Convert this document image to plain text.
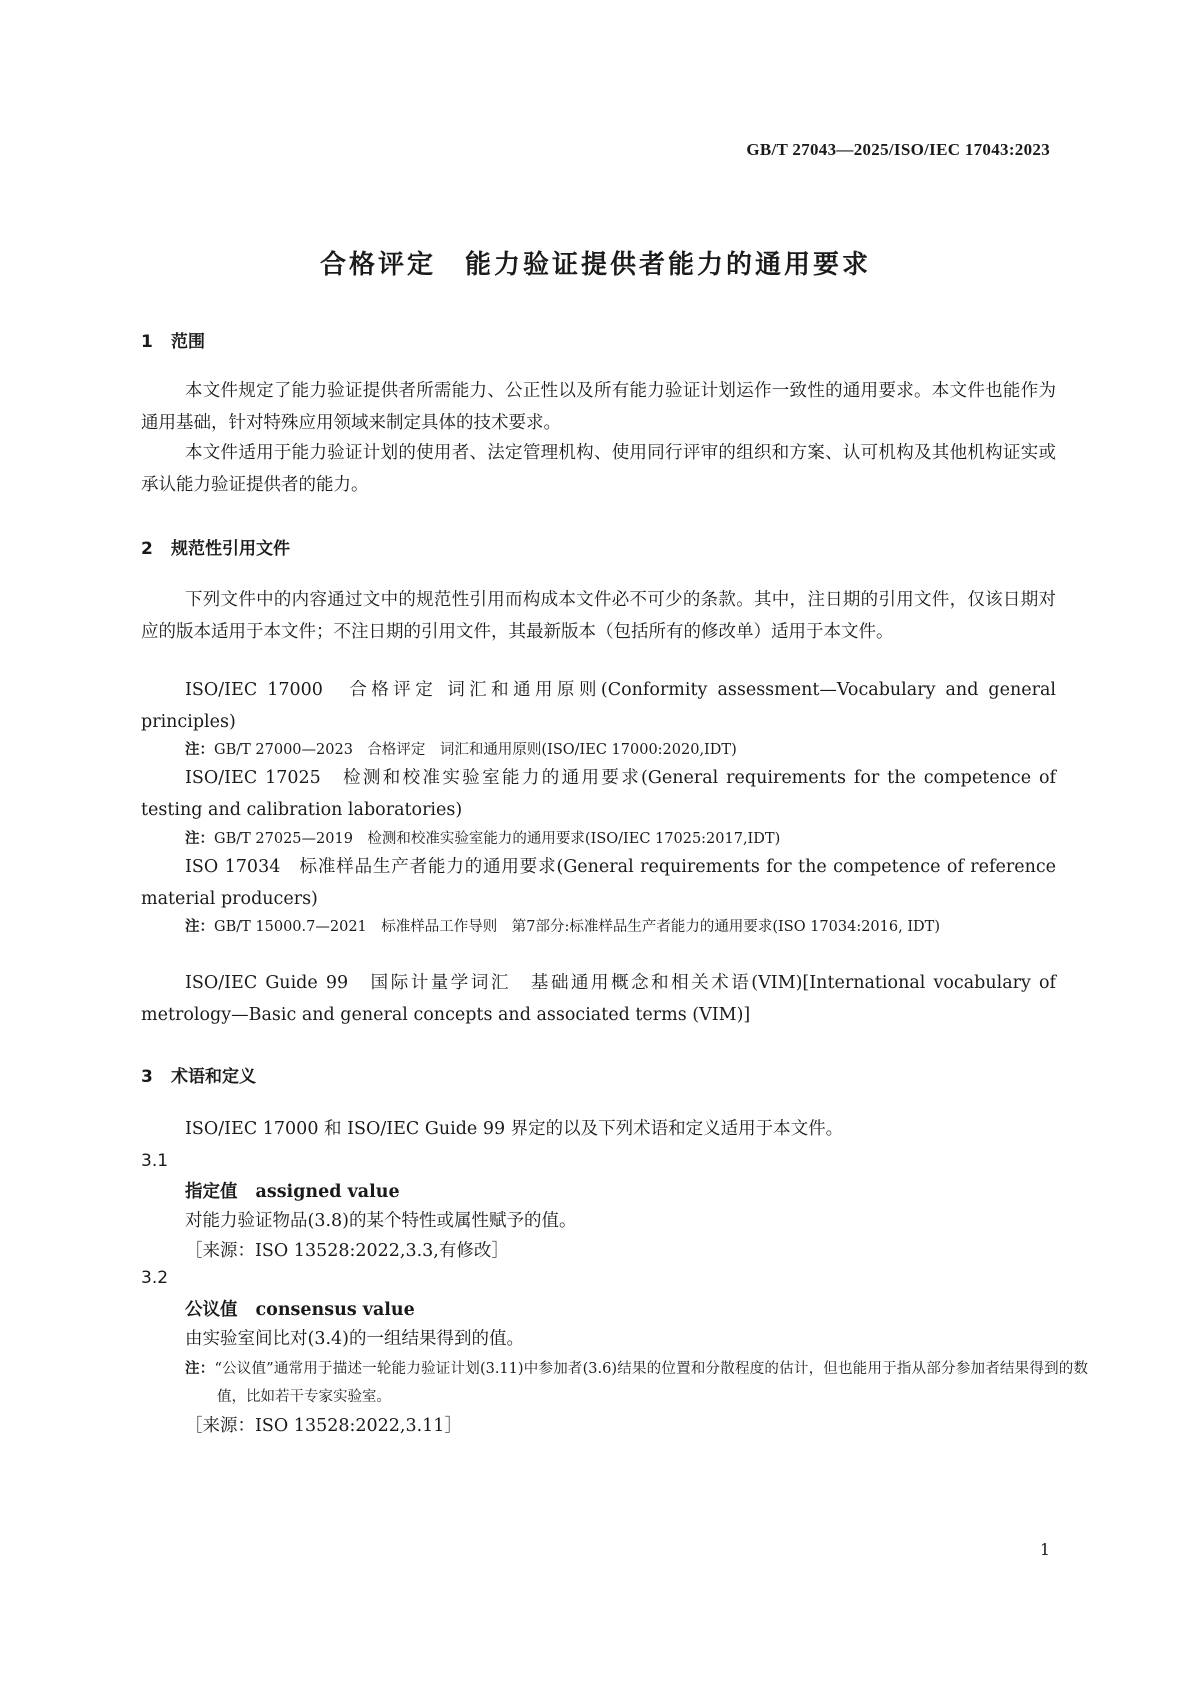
GB/T 27043—2025/ISO/IEC 17043:2023
合格评定　能力验证提供者能力的通用要求
1 范围
本文件规定了能力验证提供者所需能力、公正性以及所有能力验证计划运作一致性的通用要求。本文件也能作为通用基础，针对特殊应用领域来制定具体的技术要求。
本文件适用于能力验证计划的使用者、法定管理机构、使用同行评审的组织和方案、认可机构及其他机构证实或承认能力验证提供者的能力。
2 规范性引用文件
下列文件中的内容通过文中的规范性引用而构成本文件必不可少的条款。其中，注日期的引用文件，仅该日期对应的版本适用于本文件；不注日期的引用文件，其最新版本（包括所有的修改单）适用于本文件。
ISO/IEC 17000　合格评定 词汇和通用原则(Conformity assessment—Vocabulary and general principles)
注：GB/T 27000—2023　合格评定　词汇和通用原则(ISO/IEC 17000:2020,IDT)
ISO/IEC 17025　检测和校准实验室能力的通用要求(General requirements for the competence of testing and calibration laboratories)
注：GB/T 27025—2019　检测和校准实验室能力的通用要求(ISO/IEC 17025:2017,IDT)
ISO 17034　标准样品生产者能力的通用要求(General requirements for the competence of reference material producers)
注：GB/T 15000.7—2021　标准样品工作导则　第7部分:标准样品生产者能力的通用要求(ISO 17034:2016, IDT)
ISO/IEC Guide 99　国际计量学词汇　基础通用概念和相关术语(VIM)[International vocabulary of metrology—Basic and general concepts and associated terms (VIM)]
3 术语和定义
ISO/IEC 17000 和 ISO/IEC Guide 99 界定的以及下列术语和定义适用于本文件。
3.1
指定值 assigned value
对能力验证物品(3.8)的某个特性或属性赋予的值。
［来源：ISO 13528:2022,3.3,有修改］
3.2
公议值 consensus value
由实验室间比对(3.4)的一组结果得到的值。
注：“公议值”通常用于描述一轮能力验证计划(3.11)中参加者(3.6)结果的位置和分散程度的估计，但也能用于指从部分参加者结果得到的数值，比如若干专家实验室。
［来源：ISO 13528:2022,3.11］
1
